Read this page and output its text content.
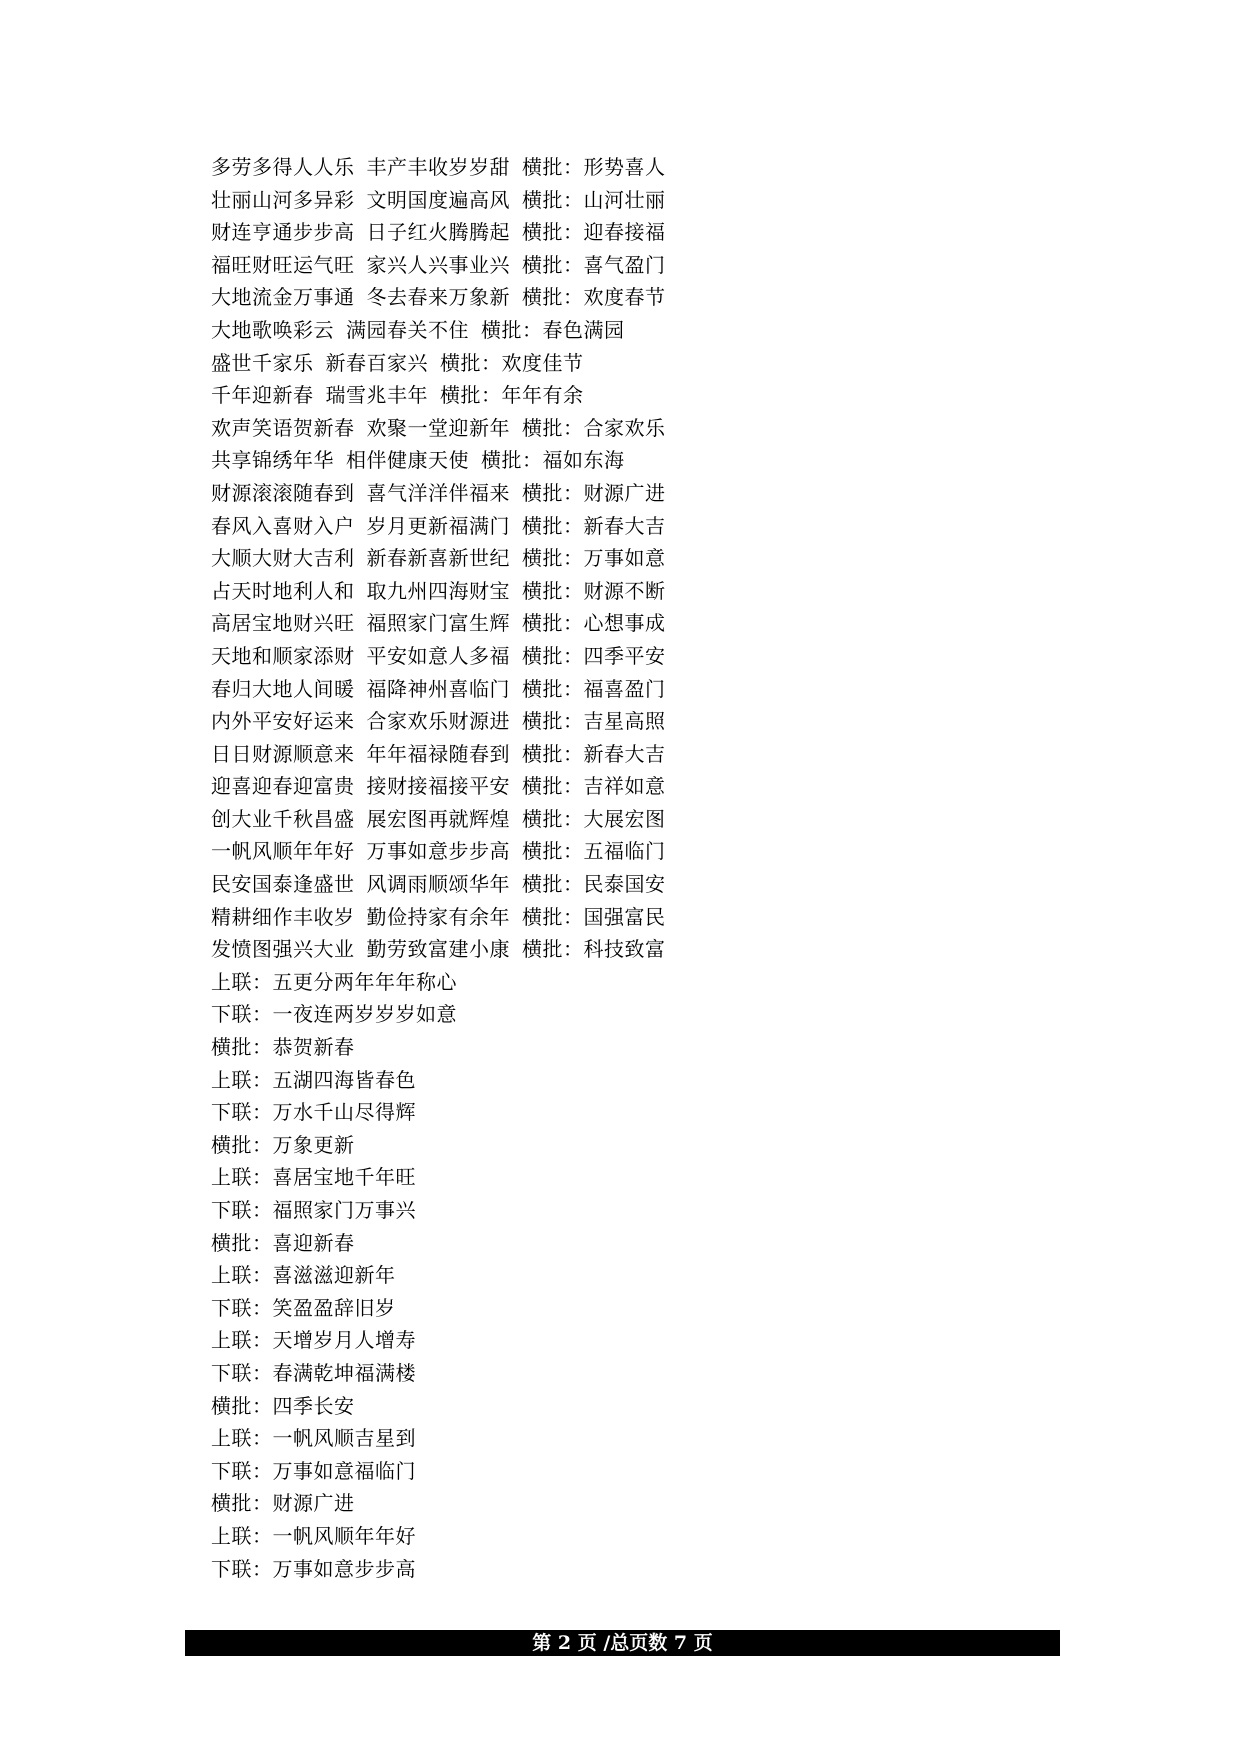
多劳多得人人乐 丰产丰收岁岁甜 横批：形势喜人
壮丽山河多异彩 文明国度遍高风 横批：山河壮丽
财连亨通步步高 日子红火腾腾起 横批：迎春接福
福旺财旺运气旺 家兴人兴事业兴 横批：喜气盈门
大地流金万事通 冬去春来万象新 横批：欢度春节
大地歌唤彩云 满园春关不住 横批：春色满园
盛世千家乐 新春百家兴 横批：欢度佳节
千年迎新春 瑞雪兆丰年 横批：年年有余
欢声笑语贺新春 欢聚一堂迎新年 横批：合家欢乐
共享锦绣年华 相伴健康天使 横批：福如东海
财源滚滚随春到 喜气洋洋伴福来 横批：财源广进
春风入喜财入户 岁月更新福满门 横批：新春大吉
大顺大财大吉利 新春新喜新世纪 横批：万事如意
占天时地利人和 取九州四海财宝 横批：财源不断
高居宝地财兴旺 福照家门富生辉 横批：心想事成
天地和顺家添财 平安如意人多福 横批：四季平安
春归大地人间暖 福降神州喜临门 横批：福喜盈门
内外平安好运来 合家欢乐财源进 横批：吉星高照
日日财源顺意来 年年福禄随春到 横批：新春大吉
迎喜迎春迎富贵 接财接福接平安 横批：吉祥如意
创大业千秋昌盛 展宏图再就辉煌 横批：大展宏图
一帆风顺年年好 万事如意步步高 横批：五福临门
民安国泰逢盛世 风调雨顺颂华年 横批：民泰国安
精耕细作丰收岁 勤俭持家有余年 横批：国强富民
发愤图强兴大业 勤劳致富建小康 横批：科技致富
上联：五更分两年年年称心
下联：一夜连两岁岁岁如意
横批：恭贺新春
上联：五湖四海皆春色
下联：万水千山尽得辉
横批：万象更新
上联：喜居宝地千年旺
下联：福照家门万事兴
横批：喜迎新春
上联：喜滋滋迎新年
下联：笑盈盈辞旧岁
上联：天增岁月人增寿
下联：春满乾坤福满楼
横批：四季长安
上联：一帆风顺吉星到
下联：万事如意福临门
横批：财源广进
上联：一帆风顺年年好
下联：万事如意步步高
第 2 页 /总页数 7 页
